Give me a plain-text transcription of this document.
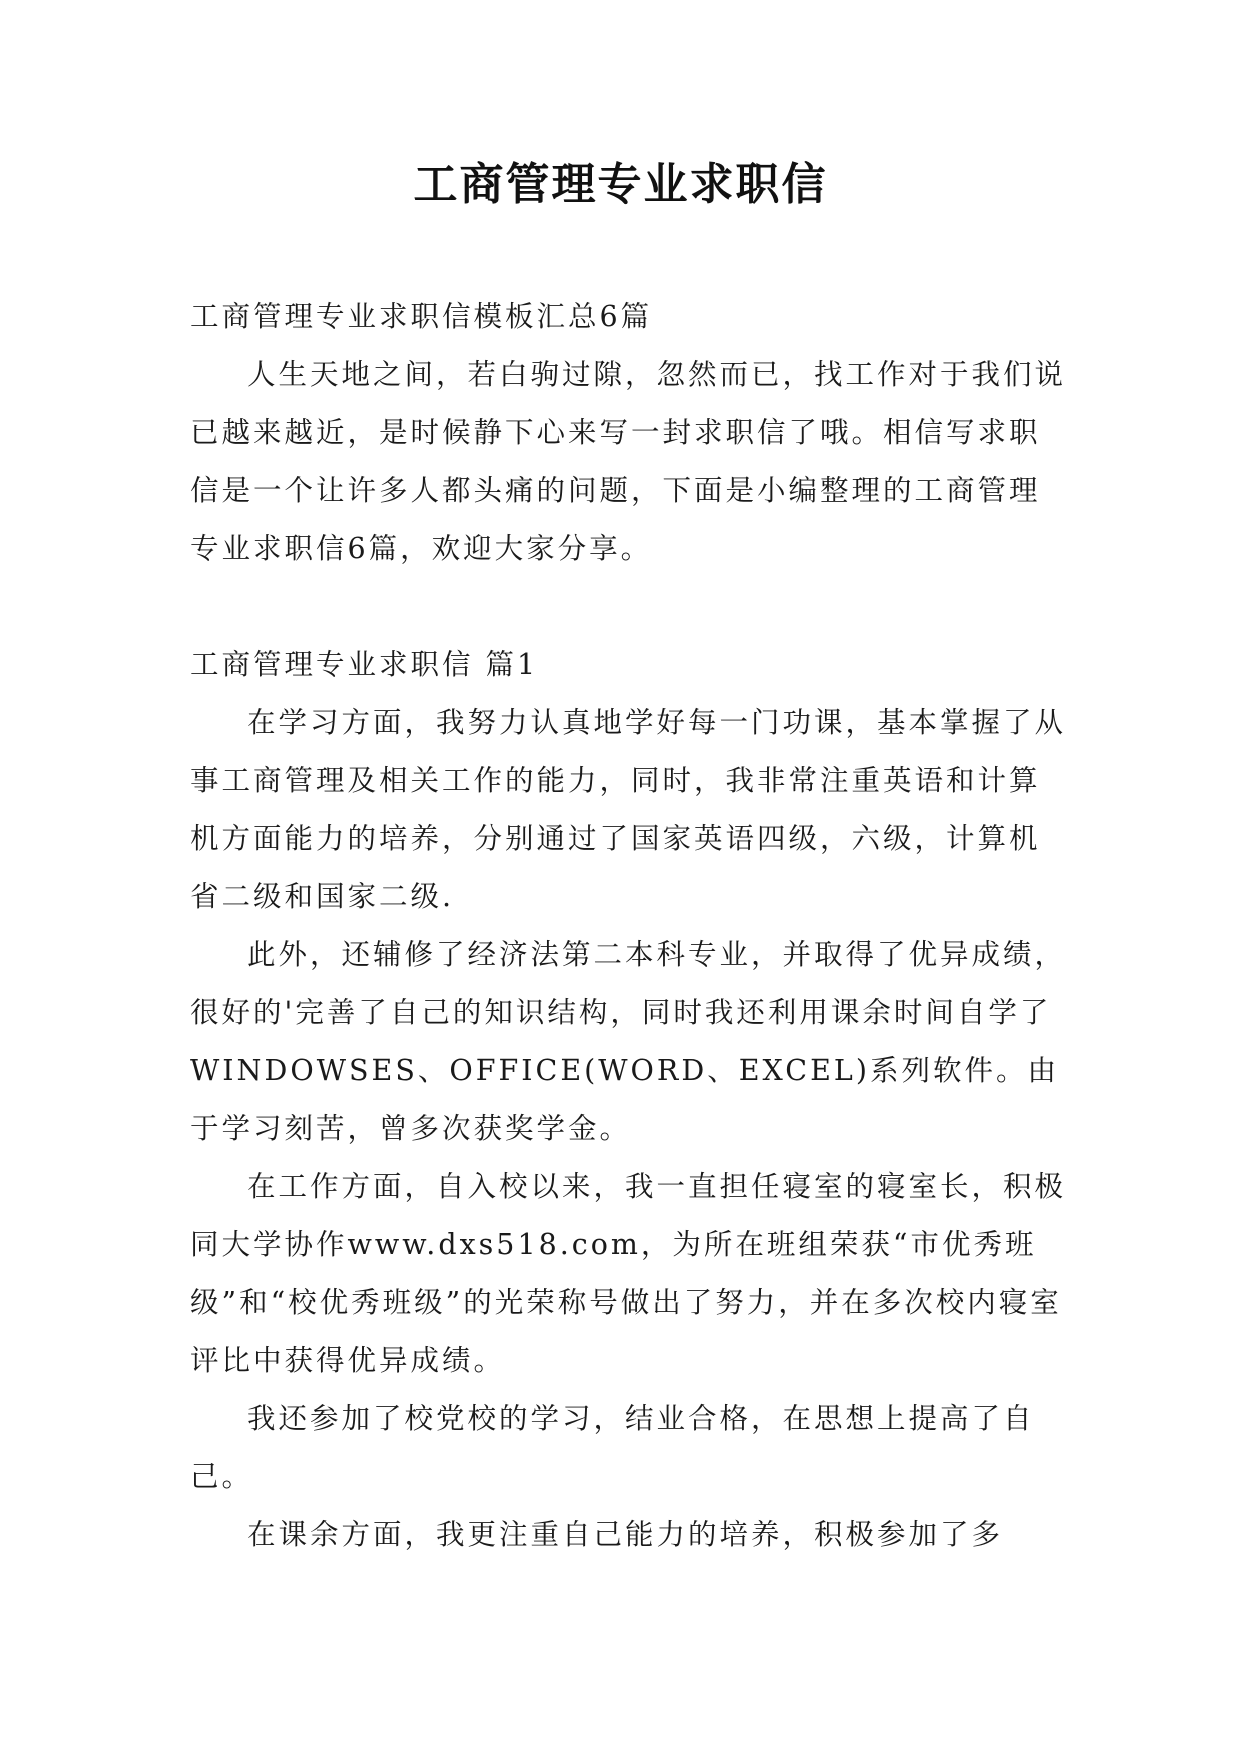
工商管理专业求职信

工商管理专业求职信模板汇总6篇

人生天地之间，若白驹过隙，忽然而已，找工作对于我们说已越来越近，是时候静下心来写一封求职信了哦。相信写求职信是一个让许多人都头痛的问题，下面是小编整理的工商管理专业求职信6篇，欢迎大家分享。

工商管理专业求职信 篇1

在学习方面，我努力认真地学好每一门功课，基本掌握了从事工商管理及相关工作的能力，同时，我非常注重英语和计算机方面能力的培养，分别通过了国家英语四级，六级，计算机省二级和国家二级.

此外，还辅修了经济法第二本科专业，并取得了优异成绩，很好的'完善了自己的知识结构，同时我还利用课余时间自学了WINDOWSES、OFFICE(WORD、EXCEL)系列软件。由于学习刻苦，曾多次获奖学金。

在工作方面，自入校以来，我一直担任寝室的寝室长，积极同大学协作www.dxs518.com，为所在班组荣获“市优秀班级”和“校优秀班级”的光荣称号做出了努力，并在多次校内寝室评比中获得优异成绩。

我还参加了校党校的学习，结业合格，在思想上提高了自己。

在课余方面，我更注重自己能力的培养，积极参加了多
